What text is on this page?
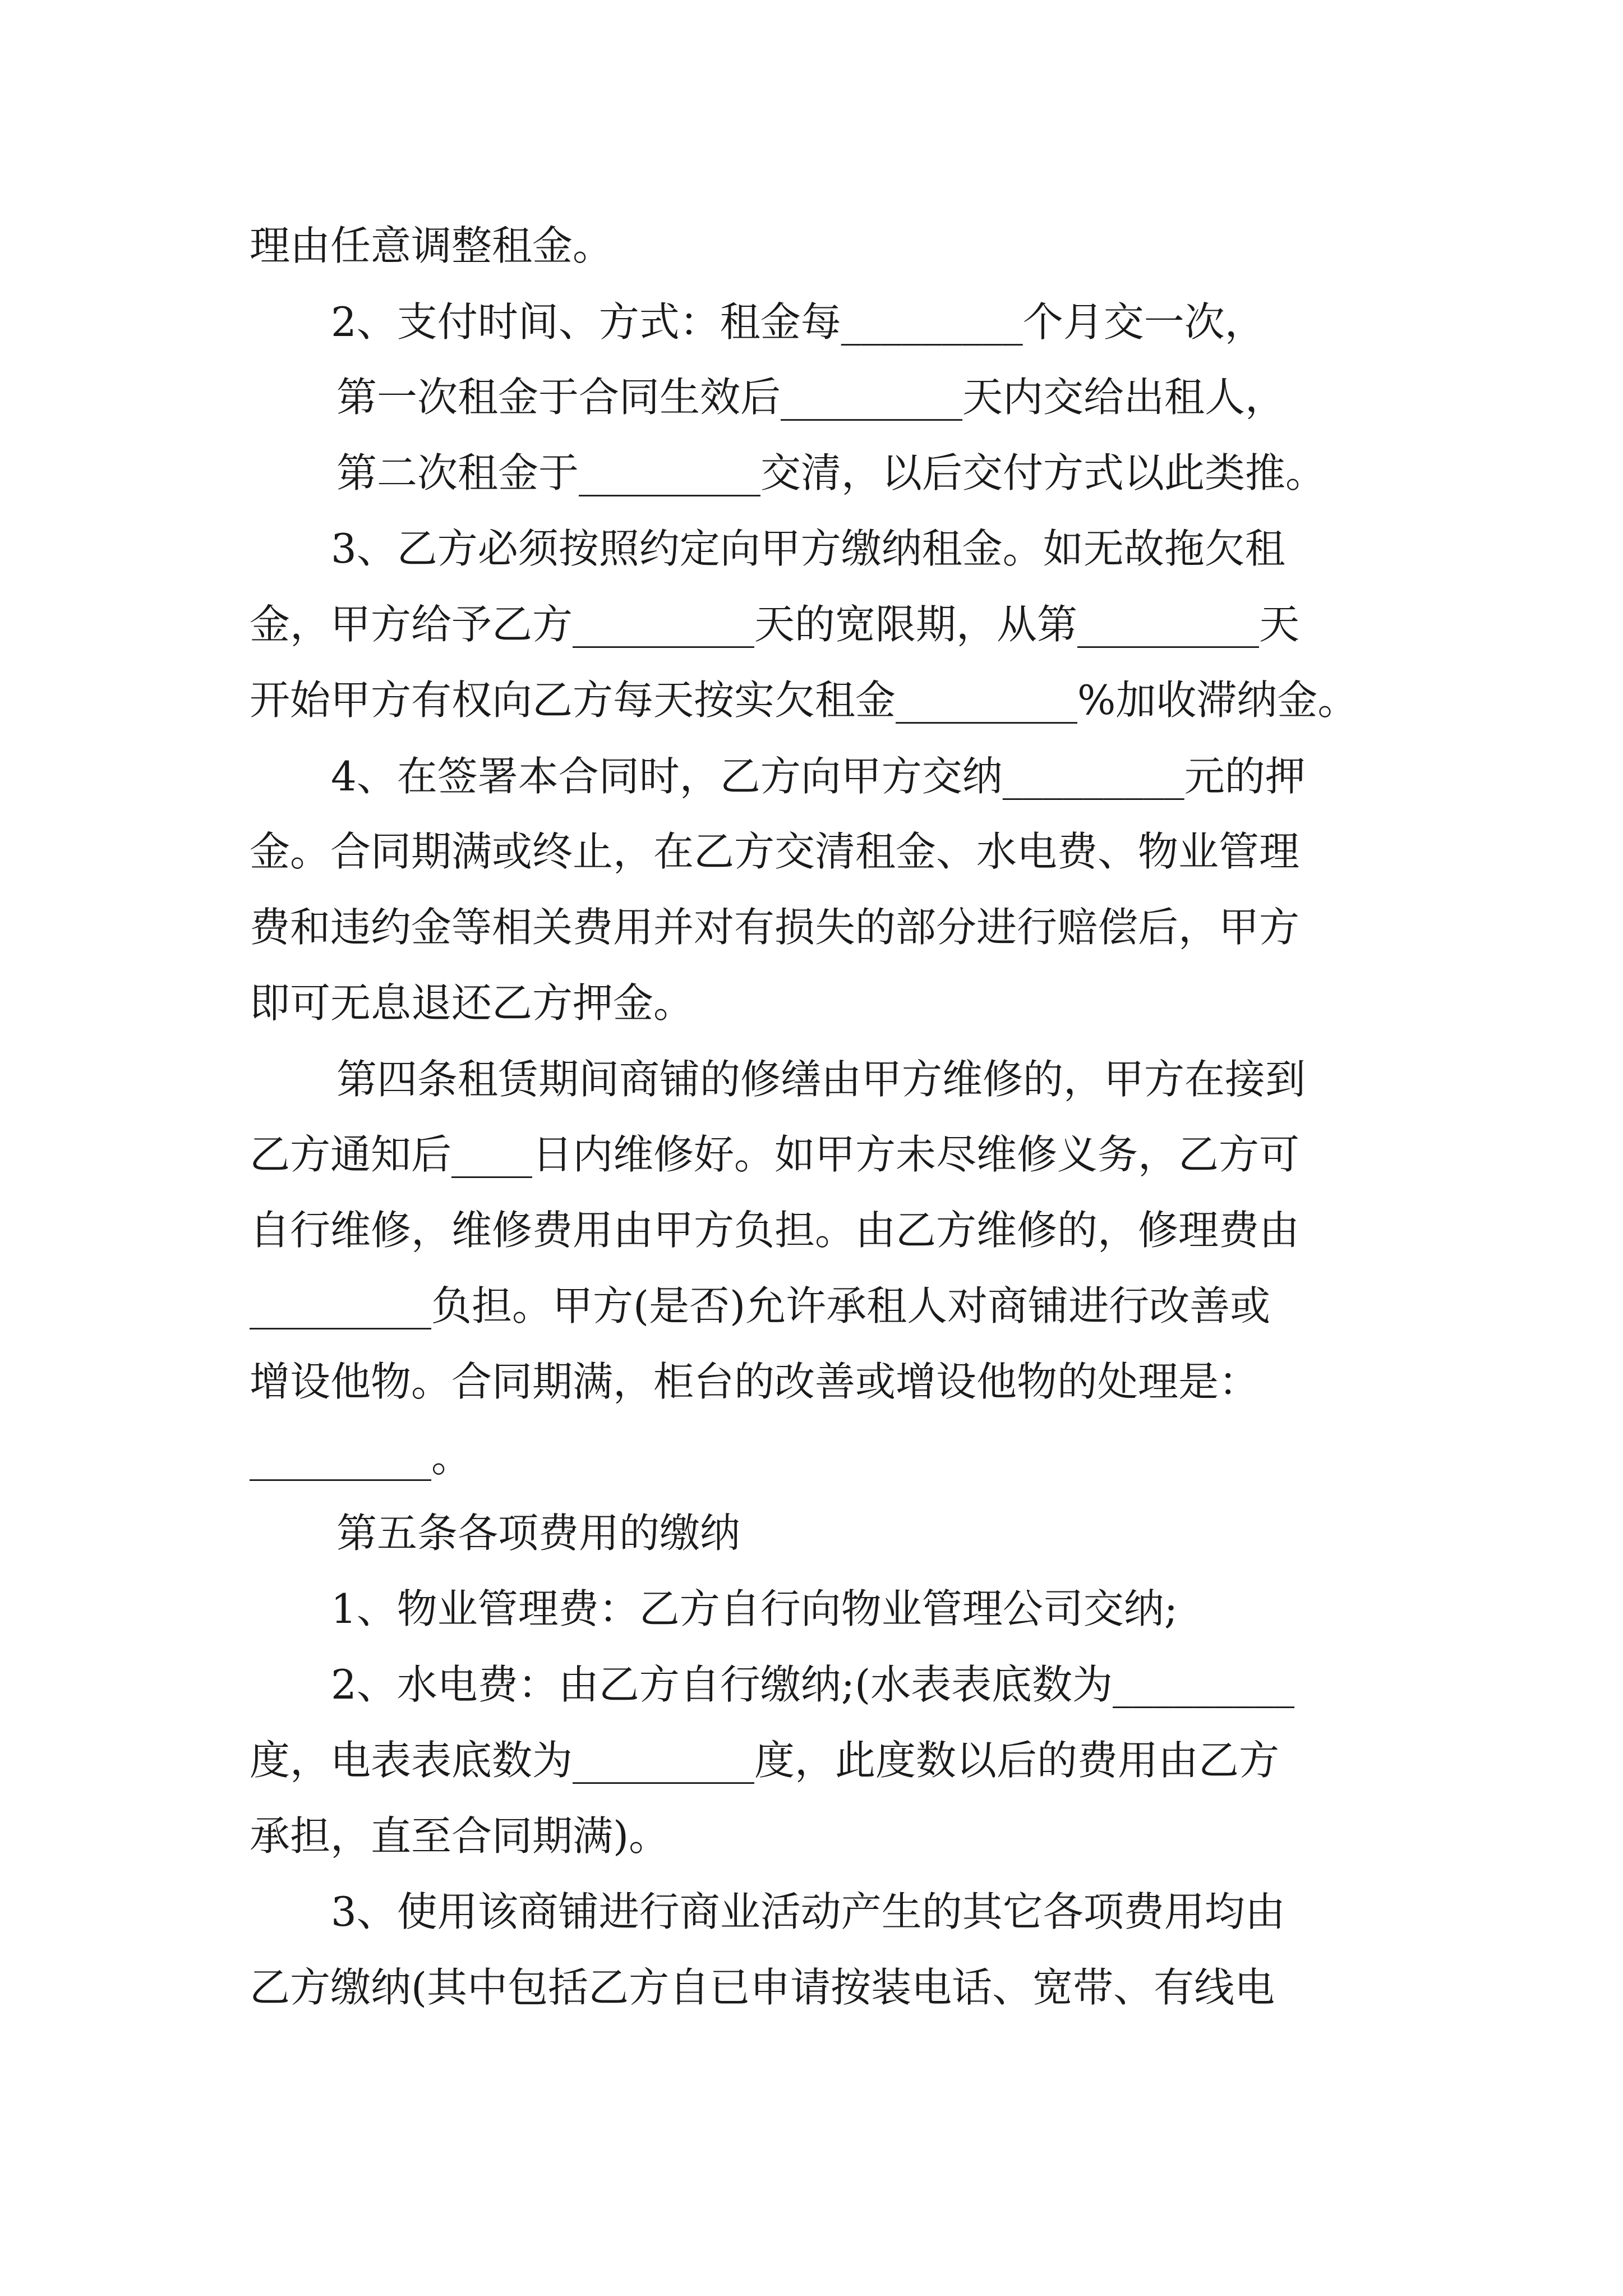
理由任意调整租金。
2、支付时间、方式：租金每_________个月交一次，
第一次租金于合同生效后_________天内交给出租人，
第二次租金于_________交清，以后交付方式以此类推。
3、乙方必须按照约定向甲方缴纳租金。如无故拖欠租
金，甲方给予乙方_________天的宽限期，从第_________天
开始甲方有权向乙方每天按实欠租金_________%加收滞纳金。
4、在签署本合同时，乙方向甲方交纳_________元的押
金。合同期满或终止，在乙方交清租金、水电费、物业管理
费和违约金等相关费用并对有损失的部分进行赔偿后，甲方
即可无息退还乙方押金。
第四条租赁期间商铺的修缮由甲方维修的，甲方在接到
乙方通知后____日内维修好。如甲方未尽维修义务，乙方可
自行维修，维修费用由甲方负担。由乙方维修的，修理费由
_________负担。甲方(是否)允许承租人对商铺进行改善或
增设他物。合同期满，柜台的改善或增设他物的处理是：
_________。
第五条各项费用的缴纳
1、物业管理费：乙方自行向物业管理公司交纳;
2、水电费：由乙方自行缴纳;(水表表底数为_________
度，电表表底数为_________度，此度数以后的费用由乙方
承担，直至合同期满)。
3、使用该商铺进行商业活动产生的其它各项费用均由
乙方缴纳(其中包括乙方自已申请按装电话、宽带、有线电
